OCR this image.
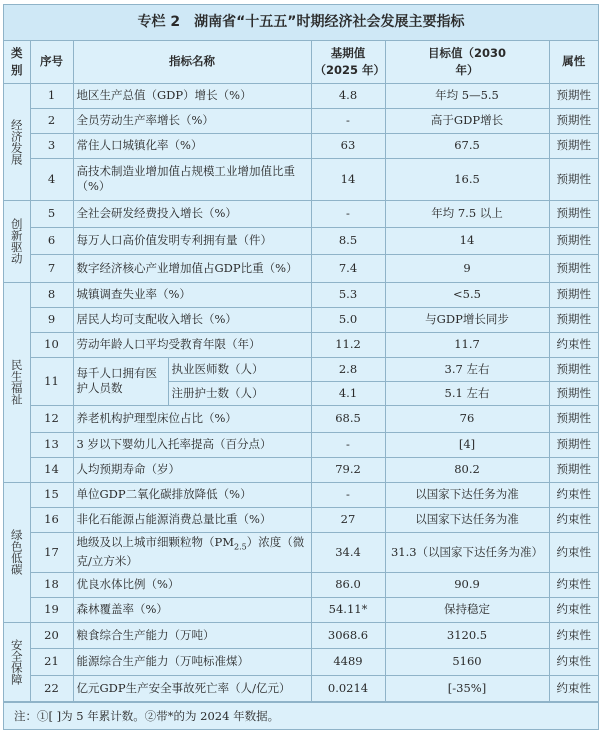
专栏 2　湖南省“十五五”时期经济社会发展主要指标
类别	序号	指标名称		基期值（2025 年）	目标值（2030 年）	属性
经济发展	1	地区生产总值（GDP）增长（%）		4.8	年均 5—5.5	预期性
	2	全员劳动生产率增长（%）		-	高于GDP增长	预期性
	3	常住人口城镇化率（%）		63	67.5	预期性
	4	高技术制造业增加值占规模工业增加值比重（%）		14	16.5	预期性
创新驱动	5	全社会研发经费投入增长（%）		-	年均 7.5 以上	预期性
	6	每万人口高价值发明专利拥有量（件）		8.5	14	预期性
	7	数字经济核心产业增加值占GDP比重（%）		7.4	9	预期性
民生福祉	8	城镇调查失业率（%）		5.3	<5.5	预期性
	9	居民人均可支配收入增长（%）		5.0	与GDP增长同步	预期性
	10	劳动年龄人口平均受教育年限（年）		11.2	11.7	约束性
	11	每千人口拥有医护人员数	执业医师数（人）	2.8	3.7 左右	预期性
			注册护士数（人）	4.1	5.1 左右	预期性
	12	养老机构护理型床位占比（%）		68.5	76	预期性
	13	3 岁以下婴幼儿入托率提高（百分点）		-	[4]	预期性
	14	人均预期寿命（岁）		79.2	80.2	预期性
绿色低碳	15	单位GDP二氧化碳排放降低（%）		-	以国家下达任务为准	约束性
	16	非化石能源占能源消费总量比重（%）		27	以国家下达任务为准	约束性
	17	地级及以上城市细颗粒物$(PM_{2.5})$浓度（微克/立方米）		34.4	31.3（以国家下达任务为准）	约束性
	18	优良水体比例（%）		86.0	90.9	约束性
	19	森林覆盖率（%）		54.11*	保持稳定	约束性
安全保障	20	粮食综合生产能力（万吨）		3068.6	3120.5	约束性
	21	能源综合生产能力（万吨标准煤）		4489	5160	约束性
	22	亿元GDP生产安全事故死亡率（人/亿元）		0.0214	[-35%]	约束性
注：①[ ]为 5 年累计数。②带*的为 2024 年数据。
